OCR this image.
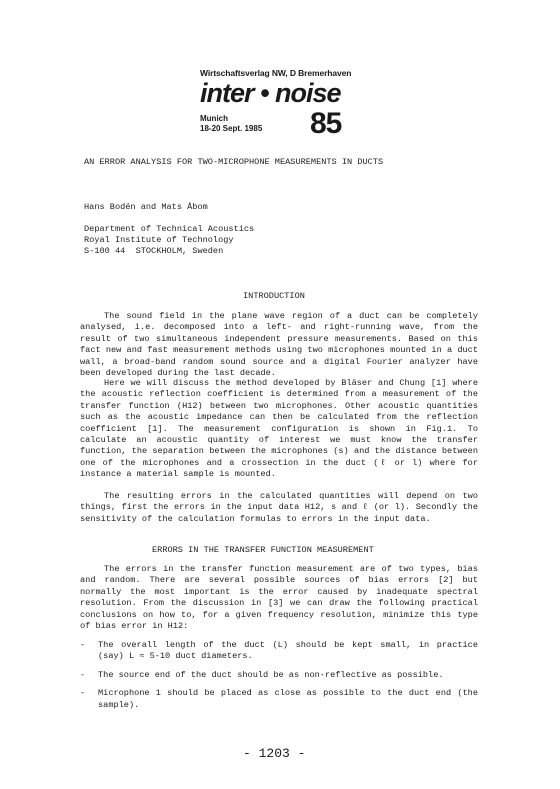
Wirtschaftsverlag NW, D Bremerhaven
inter • noise
Munich
18-20 Sept. 1985 85
AN ERROR ANALYSIS FOR TWO-MICROPHONE MEASUREMENTS IN DUCTS
Hans Bodén and Mats Åbom
Department of Technical Acoustics
Royal Institute of Technology
S-100 44  STOCKHOLM, Sweden
INTRODUCTION

The sound field in the plane wave region of a duct can be completely analysed, i.e. decomposed into a left- and right-running wave, from the result of two simultaneous independent pressure measurements. Based on this fact new and fast measurement methods using two microphones mounted in a duct wall, a broad-band random sound source and a digital Fourier analyzer have been developed during the last decade.

Here we will discuss the method developed by Bläser and Chung [1] where the acoustic reflection coefficient is determined from a measurement of the transfer function (H12) between two microphones. Other acoustic quantities such as the acoustic impedance can then be calculated from the reflection coefficient [1]. The measurement configuration is shown in Fig.1. To calculate an acoustic quantity of interest we must know the transfer function, the separation between the microphones (s) and the distance between one of the microphones and a crossection in the duct (ℓ or l) where for instance a material sample is mounted.

The resulting errors in the calculated quantities will depend on two things, first the errors in the input data H12, s and ℓ (or l). Secondly the sensitivity of the calculation formulas to errors in the input data.

ERRORS IN THE TRANSFER FUNCTION MEASUREMENT

The errors in the transfer function measurement are of two types, bias and random. There are several possible sources of bias errors [2] but normally the most important is the error caused by inadequate spectral resolution. From the discussion in [3] we can draw the following practical conclusions on how to, for a given frequency resolution, minimize this type of bias error in H12:

- The overall length of the duct (L) should be kept small, in practice (say) L ≈ 5-10 duct diameters.
- The source end of the duct should be as non-reflective as possible.
- Microphone 1 should be placed as close as possible to the duct end (the sample).
- 1203 -
